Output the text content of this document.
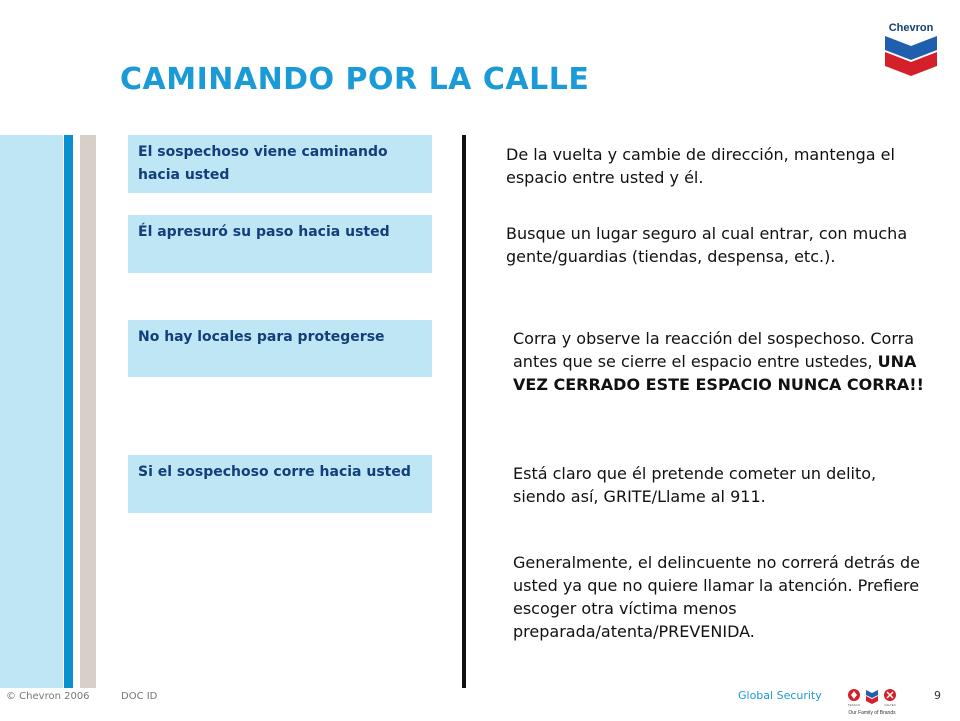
CAMINANDO POR LA CALLE
Chevron
El sospechoso viene caminando hacia usted
Él apresuró su paso hacia usted
No hay locales para protegerse
Si el sospechoso corre hacia usted

De la vuelta y cambie de dirección, mantenga el espacio entre usted y él.

Busque un lugar seguro al cual entrar, con mucha gente/guardias (tiendas, despensa, etc.).

Corra y observe la reacción del sospechoso. Corra antes que se cierre el espacio entre ustedes, UNA VEZ CERRADO ESTE ESPACIO NUNCA CORRA!!

Está claro que él pretende cometer un delito, siendo así, GRITE/Llame al 911.

Generalmente, el delincuente no correrá detrás de usted ya que no quiere llamar la atención. Prefiere escoger otra víctima menos preparada/atenta/PREVENIDA.

© Chevron 2006	DOC ID	Global Security
TEXACO	CALTEX
Our Family of Brands
9
